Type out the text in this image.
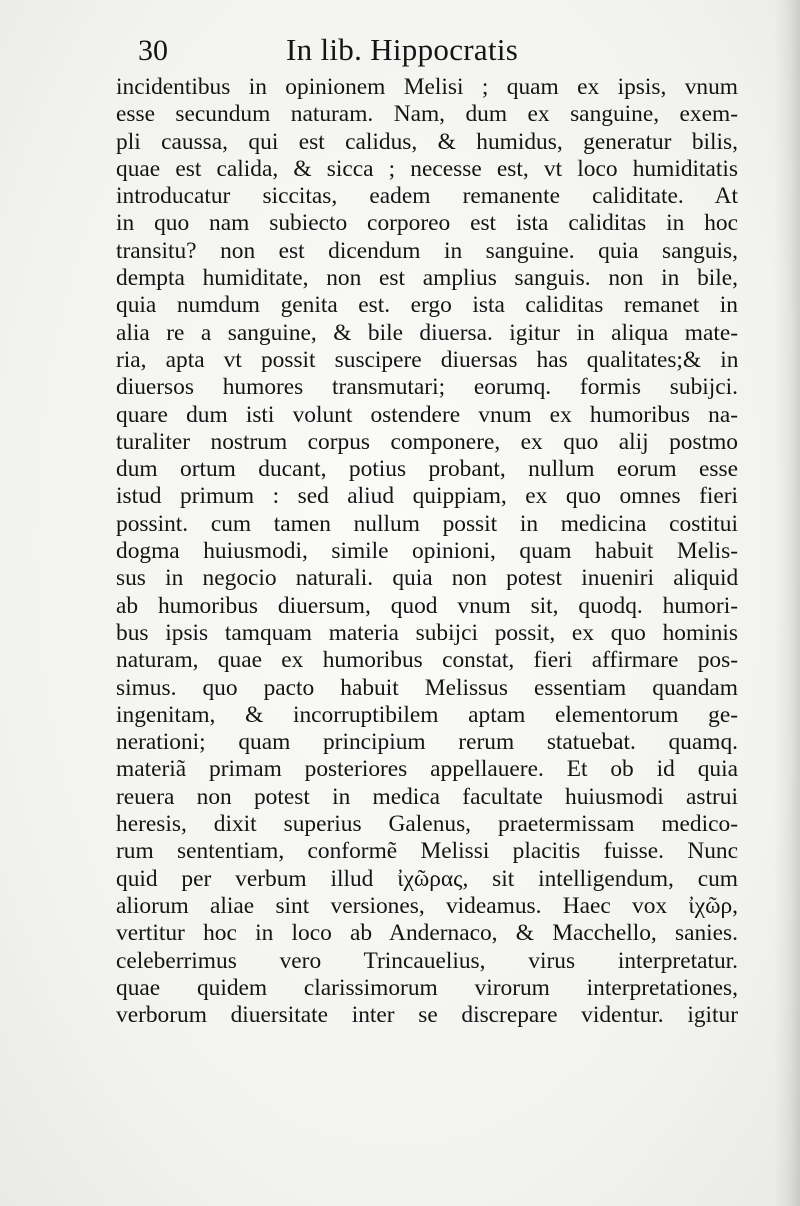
30	In lib. Hippocratis
incidentibus in opinionem Melisi ; quam ex ipsis, vnum
esse secundum naturam. Nam, dum ex sanguine, exem-
pli caussa, qui est calidus, & humidus, generatur bilis,
quae est calida, & sicca ; necesse est, vt loco humiditatis
introducatur siccitas, eadem remanente caliditate. At
in quo nam subiecto corporeo est ista caliditas in hoc
transitu? non est dicendum in sanguine. quia sanguis,
dempta humiditate, non est amplius sanguis. non in bile,
quia numdum genita est. ergo ista caliditas remanet in
alia re a sanguine, & bile diuersa. igitur in aliqua mate-
ria, apta vt possit suscipere diuersas has qualitates;& in
diuersos humores transmutari; eorumq. formis subijci.
quare dum isti volunt ostendere vnum ex humoribus na-
turaliter nostrum corpus componere, ex quo alij postmo
dum ortum ducant, potius probant, nullum eorum esse
istud primum : sed aliud quippiam, ex quo omnes fieri
possint. cum tamen nullum possit in medicina costitui
dogma huiusmodi, simile opinioni, quam habuit Melis-
sus in negocio naturali. quia non potest inueniri aliquid
ab humoribus diuersum, quod vnum sit, quodq. humori-
bus ipsis tamquam materia subijci possit, ex quo hominis
naturam, quae ex humoribus constat, fieri affirmare pos-
simus. quo pacto habuit Melissus essentiam quandam
ingenitam, & incorruptibilem aptam elementorum ge-
nerationi; quam principium rerum statuebat. quamq.
materiã primam posteriores appellauere. Et ob id quia
reuera non potest in medica facultate huiusmodi astrui
heresis, dixit superius Galenus, praetermissam medico-
rum sententiam, conformẽ Melissi placitis fuisse. Nunc
quid per verbum illud ἰχῶρας, sit intelligendum, cum
aliorum aliae sint versiones, videamus. Haec vox ἰχῶρ,
vertitur hoc in loco ab Andernaco, & Macchello, sanies.
celeberrimus vero Trincauelius, virus interpretatur.
quae quidem clarissimorum virorum interpretationes,
verborum diuersitate inter se discrepare videntur. igitur
